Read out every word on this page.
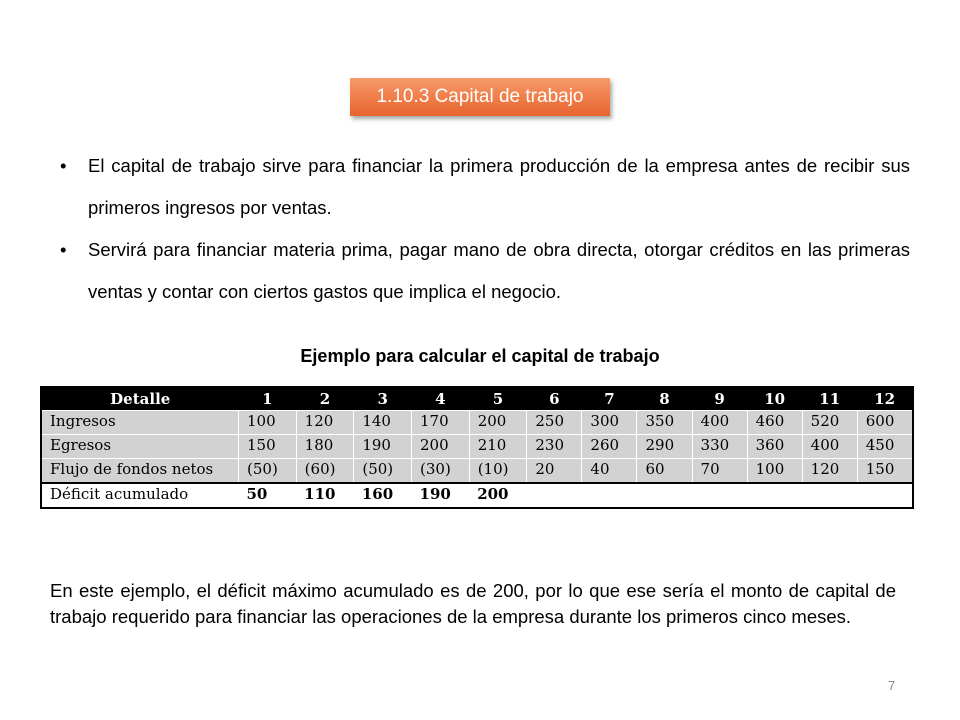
1.10.3 Capital de trabajo
•	El capital de trabajo sirve para financiar la primera producción de la empresa antes de recibir sus primeros ingresos por ventas.
•	Servirá para financiar materia prima, pagar mano de obra directa, otorgar créditos en las primeras ventas y contar con ciertos gastos que implica el negocio.
Ejemplo para calcular el capital de trabajo
Detalle	1	2	3	4	5	6	7	8	9	10	11	12
Ingresos	100	120	140	170	200	250	300	350	400	460	520	600
Egresos	150	180	190	200	210	230	260	290	330	360	400	450
Flujo de fondos netos	(50)	(60)	(50)	(30)	(10)	20	40	60	70	100	120	150
Déficit acumulado	50	110	160	190	200							
En este ejemplo, el déficit máximo acumulado es de 200, por lo que ese sería el monto de capital de trabajo requerido para financiar las operaciones de la empresa durante los primeros cinco meses.
7
